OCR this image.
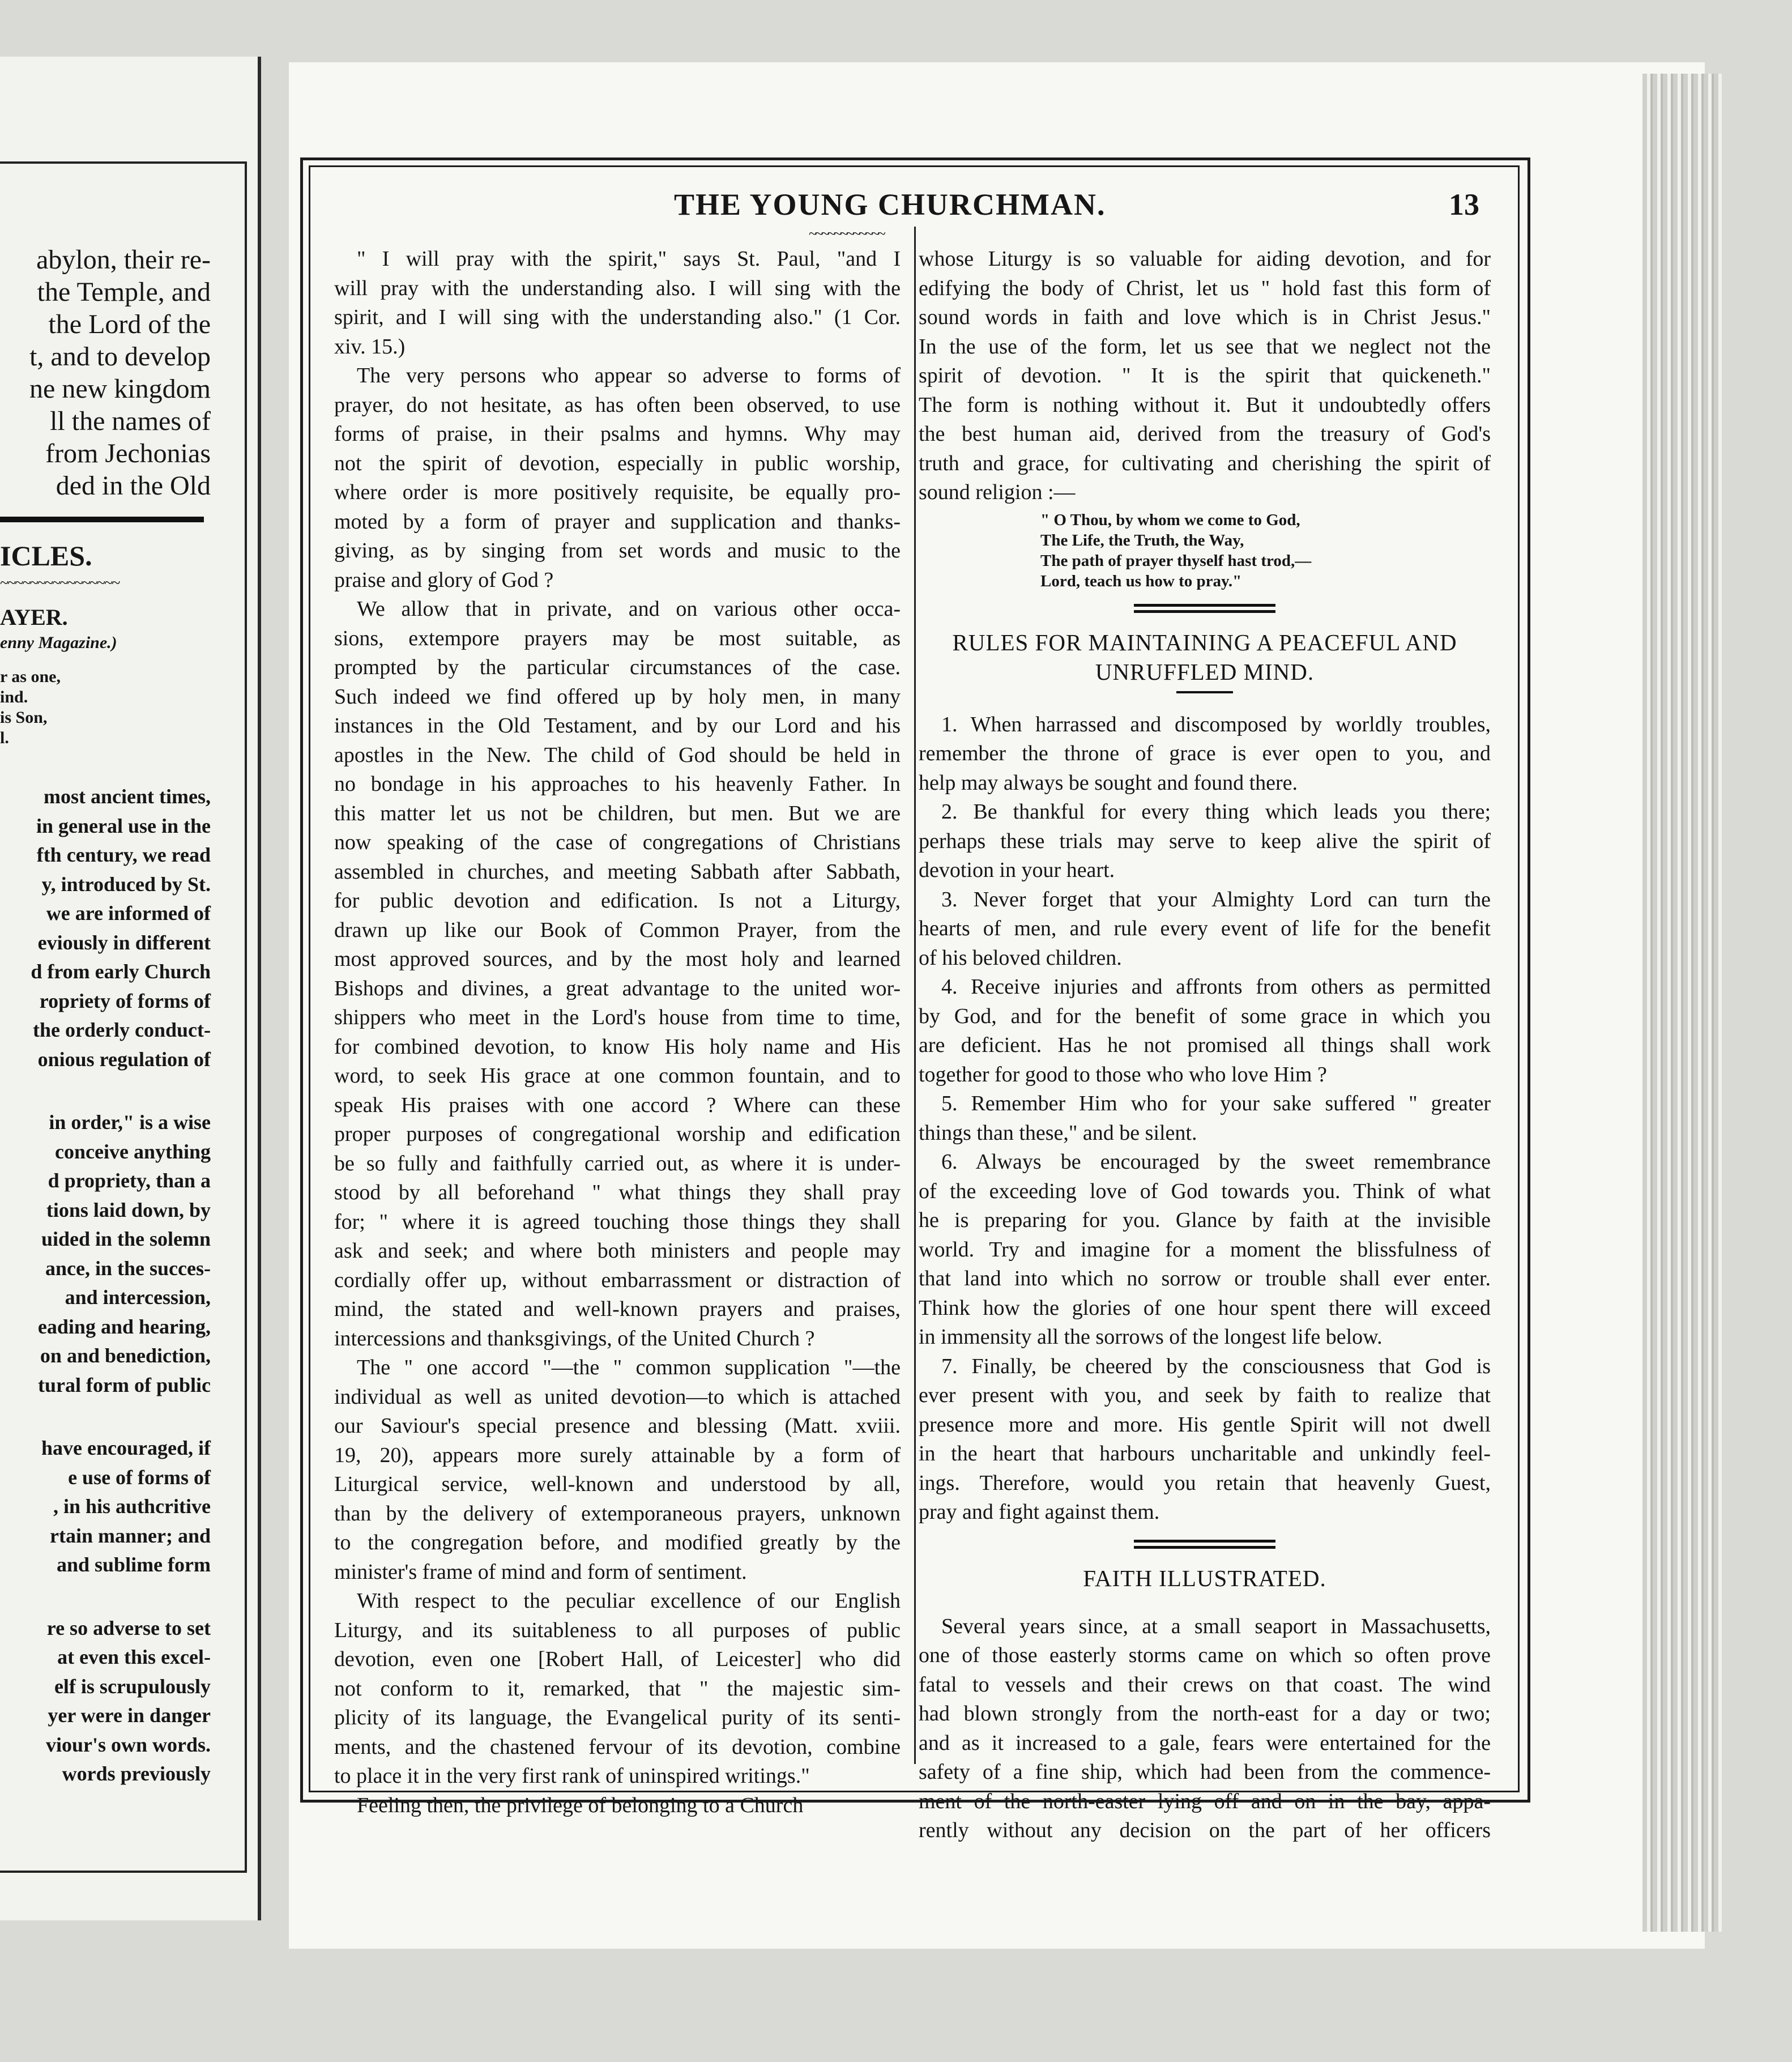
abylon, their re-
the Temple, and
the Lord of the
t, and to develop
ne new kingdom
ll the names of
from Jechonias
ded in the Old
ICLES.
~~~~~~~~~~~~~~~~
AYER.
enny Magazine.)
r as one,
ind.
is Son,
l.
most ancient times,
in general use in the
fth century, we read
y, introduced by St.
we are informed of
eviously in different
d from early Church
ropriety of forms of
the orderly conduct-
onious regulation of
in order," is a wise
conceive anything
d propriety, than a
tions laid down, by
uided in the solemn
ance, in the succes-
and intercession,
eading and hearing,
on and benediction,
tural form of public
have encouraged, if
e use of forms of
, in his authcritive
rtain manner; and
and sublime form
re so adverse to set
at even this excel-
elf is scrupulously
yer were in danger
viour's own words.
words previously
THE YOUNG CHURCHMAN.	13
~~~~~~~~~~~~
" I will pray with the spirit," says St. Paul, "and I
will pray with the understanding also. I will sing with the
spirit, and I will sing with the understanding also." (1 Cor.
xiv. 15.)
The very persons who appear so adverse to forms of
prayer, do not hesitate, as has often been observed, to use
forms of praise, in their psalms and hymns. Why may
not the spirit of devotion, especially in public worship,
where order is more positively requisite, be equally pro-
moted by a form of prayer and supplication and thanks-
giving, as by singing from set words and music to the
praise and glory of God ?
We allow that in private, and on various other occa-
sions, extempore prayers may be most suitable, as
prompted by the particular circumstances of the case.
Such indeed we find offered up by holy men, in many
instances in the Old Testament, and by our Lord and his
apostles in the New. The child of God should be held in
no bondage in his approaches to his heavenly Father. In
this matter let us not be children, but men. But we are
now speaking of the case of congregations of Christians
assembled in churches, and meeting Sabbath after Sabbath,
for public devotion and edification. Is not a Liturgy,
drawn up like our Book of Common Prayer, from the
most approved sources, and by the most holy and learned
Bishops and divines, a great advantage to the united wor-
shippers who meet in the Lord's house from time to time,
for combined devotion, to know His holy name and His
word, to seek His grace at one common fountain, and to
speak His praises with one accord ? Where can these
proper purposes of congregational worship and edification
be so fully and faithfully carried out, as where it is under-
stood by all beforehand " what things they shall pray
for; " where it is agreed touching those things they shall
ask and seek; and where both ministers and people may
cordially offer up, without embarrassment or distraction of
mind, the stated and well-known prayers and praises,
intercessions and thanksgivings, of the United Church ?
The " one accord "—the " common supplication "—the
individual as well as united devotion—to which is attached
our Saviour's special presence and blessing (Matt. xviii.
19, 20), appears more surely attainable by a form of
Liturgical service, well-known and understood by all,
than by the delivery of extemporaneous prayers, unknown
to the congregation before, and modified greatly by the
minister's frame of mind and form of sentiment.
With respect to the peculiar excellence of our English
Liturgy, and its suitableness to all purposes of public
devotion, even one [Robert Hall, of Leicester] who did
not conform to it, remarked, that " the majestic sim-
plicity of its language, the Evangelical purity of its senti-
ments, and the chastened fervour of its devotion, combine
to place it in the very first rank of uninspired writings."
Feeling then, the privilege of belonging to a Church
whose Liturgy is so valuable for aiding devotion, and for
edifying the body of Christ, let us " hold fast this form of
sound words in faith and love which is in Christ Jesus."
In the use of the form, let us see that we neglect not the
spirit of devotion. " It is the spirit that quickeneth."
The form is nothing without it. But it undoubtedly offers
the best human aid, derived from the treasury of God's
truth and grace, for cultivating and cherishing the spirit of
sound religion :—
" O Thou, by whom we come to God,
The Life, the Truth, the Way,
The path of prayer thyself hast trod,—
Lord, teach us how to pray."
RULES FOR MAINTAINING A PEACEFUL AND
UNRUFFLED MIND.
1. When harrassed and discomposed by worldly troubles,
remember the throne of grace is ever open to you, and
help may always be sought and found there.
2. Be thankful for every thing which leads you there;
perhaps these trials may serve to keep alive the spirit of
devotion in your heart.
3. Never forget that your Almighty Lord can turn the
hearts of men, and rule every event of life for the benefit
of his beloved children.
4. Receive injuries and affronts from others as permitted
by God, and for the benefit of some grace in which you
are deficient. Has he not promised all things shall work
together for good to those who who love Him ?
5. Remember Him who for your sake suffered " greater
things than these," and be silent.
6. Always be encouraged by the sweet remembrance
of the exceeding love of God towards you. Think of what
he is preparing for you. Glance by faith at the invisible
world. Try and imagine for a moment the blissfulness of
that land into which no sorrow or trouble shall ever enter.
Think how the glories of one hour spent there will exceed
in immensity all the sorrows of the longest life below.
7. Finally, be cheered by the consciousness that God is
ever present with you, and seek by faith to realize that
presence more and more. His gentle Spirit will not dwell
in the heart that harbours uncharitable and unkindly feel-
ings. Therefore, would you retain that heavenly Guest,
pray and fight against them.
FAITH ILLUSTRATED.
Several years since, at a small seaport in Massachusetts,
one of those easterly storms came on which so often prove
fatal to vessels and their crews on that coast. The wind
had blown strongly from the north-east for a day or two;
and as it increased to a gale, fears were entertained for the
safety of a fine ship, which had been from the commence-
ment of the north-easter lying off and on in the bay, appa-
rently without any decision on the part of her officers
